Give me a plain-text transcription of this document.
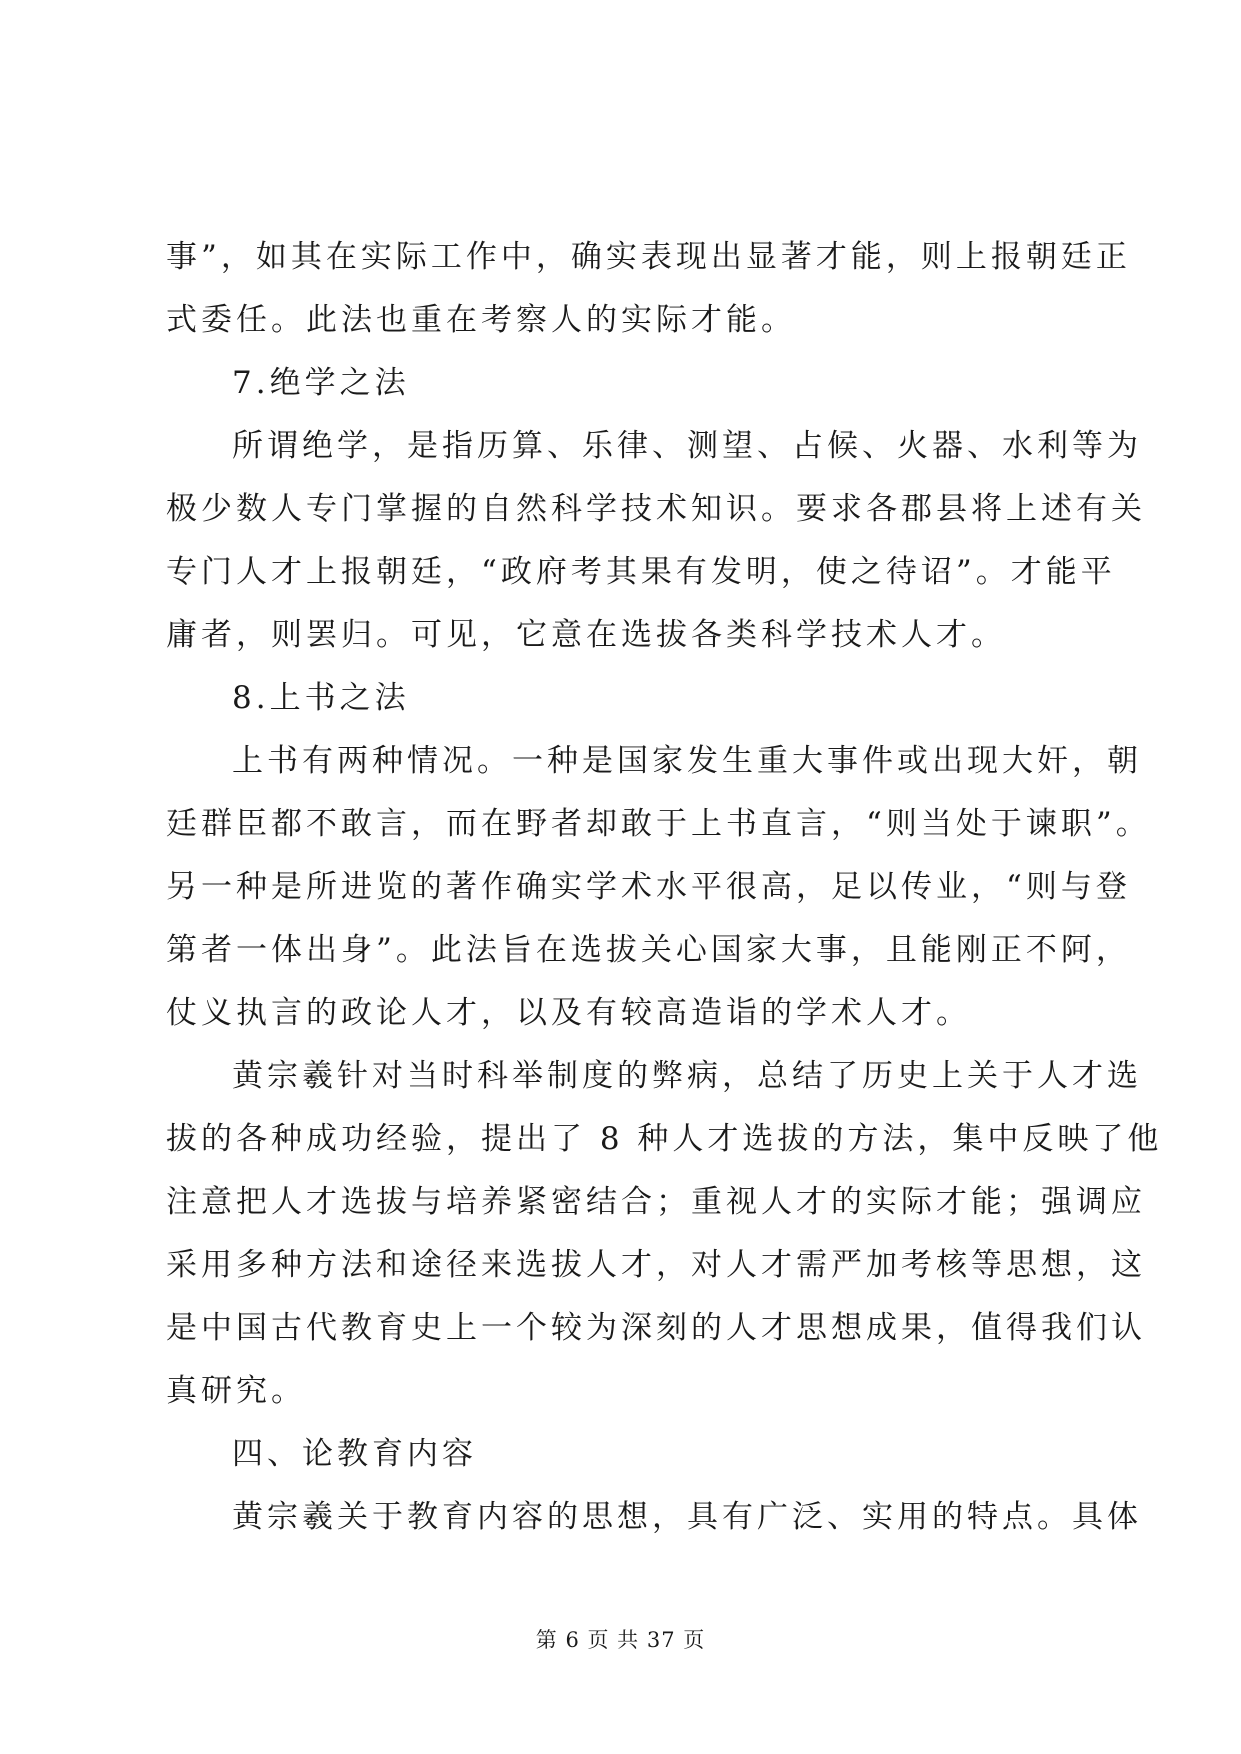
事”，如其在实际工作中，确实表现出显著才能，则上报朝廷正
式委任。此法也重在考察人的实际才能。
7.绝学之法
所谓绝学，是指历算、乐律、测望、占候、火器、水利等为
极少数人专门掌握的自然科学技术知识。要求各郡县将上述有关
专门人才上报朝廷，“政府考其果有发明，使之待诏”。才能平
庸者，则罢归。可见，它意在选拔各类科学技术人才。
8.上书之法
上书有两种情况。一种是国家发生重大事件或出现大奸，朝
廷群臣都不敢言，而在野者却敢于上书直言，“则当处于谏职”。
另一种是所进览的著作确实学术水平很高，足以传业，“则与登
第者一体出身”。此法旨在选拔关心国家大事，且能刚正不阿，
仗义执言的政论人才，以及有较高造诣的学术人才。
黄宗羲针对当时科举制度的弊病，总结了历史上关于人才选
拔的各种成功经验，提出了 8 种人才选拔的方法，集中反映了他
注意把人才选拔与培养紧密结合；重视人才的实际才能；强调应
采用多种方法和途径来选拔人才，对人才需严加考核等思想，这
是中国古代教育史上一个较为深刻的人才思想成果，值得我们认
真研究。
四、论教育内容
黄宗羲关于教育内容的思想，具有广泛、实用的特点。具体
第 6 页 共 37 页
